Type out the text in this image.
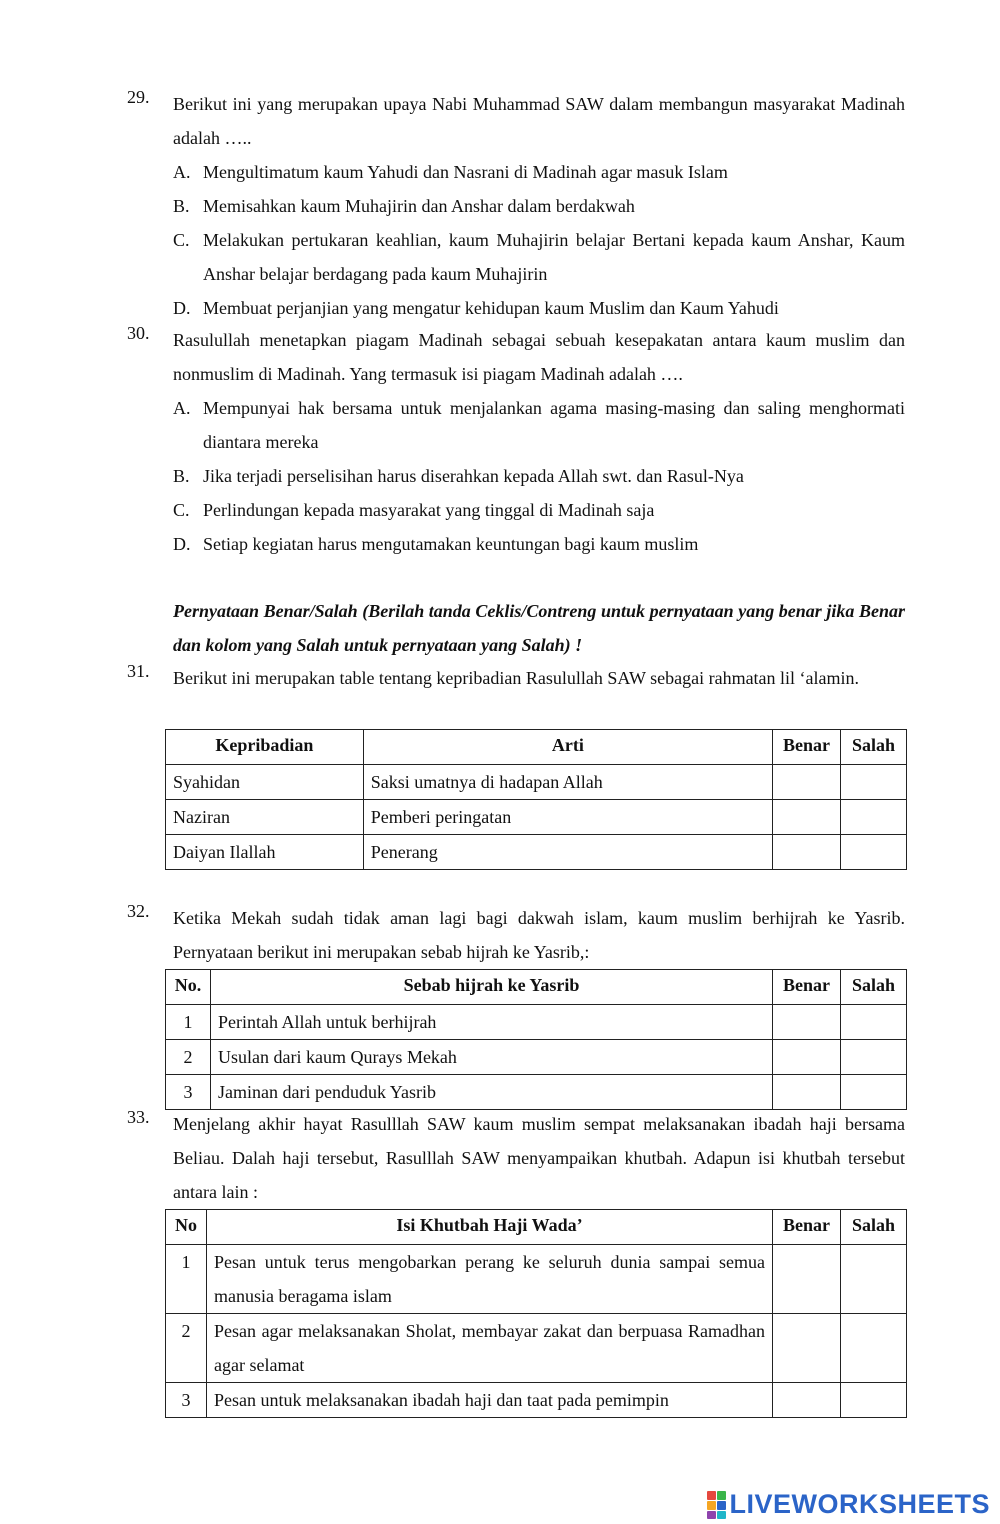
29.	Berikut ini yang merupakan upaya Nabi Muhammad SAW dalam membangun masyarakat Madinah adalah …..

A. Mengultimatum kaum Yahudi dan Nasrani di Madinah agar masuk Islam
B. Memisahkan kaum Muhajirin dan Anshar dalam berdakwah
C. Melakukan pertukaran keahlian, kaum Muhajirin belajar Bertani kepada kaum Anshar, Kaum Anshar belajar berdagang pada kaum Muhajirin
D. Membuat perjanjian yang mengatur kehidupan kaum Muslim dan Kaum Yahudi
30.	Rasulullah menetapkan piagam Madinah sebagai sebuah kesepakatan antara kaum muslim dan nonmuslim di Madinah. Yang termasuk isi piagam Madinah adalah ….

A. Mempunyai hak bersama untuk menjalankan agama masing-masing dan saling menghormati diantara mereka
B. Jika terjadi perselisihan harus diserahkan kepada Allah swt. dan Rasul-Nya
C. Perlindungan kepada masyarakat yang tinggal di Madinah saja
D. Setiap kegiatan harus mengutamakan keuntungan bagi kaum muslim
Pernyataan Benar/Salah (Berilah tanda Ceklis/Contreng untuk pernyataan yang benar jika Benar dan kolom yang Salah untuk pernyataan yang Salah) !
31.	Berikut ini merupakan table tentang kepribadian Rasulullah SAW sebagai rahmatan lil ‘alamin.

Kepribadian	Arti	Benar	Salah
Syahidan	Saksi umatnya di hadapan Allah		
Naziran	Pemberi peringatan		
Daiyan Ilallah	Penerang		
32.	Ketika Mekah sudah tidak aman lagi bagi dakwah islam, kaum muslim berhijrah ke Yasrib. Pernyataan berikut ini merupakan sebab hijrah ke Yasrib,:

No.	Sebab hijrah ke Yasrib	Benar	Salah
1	Perintah Allah untuk berhijrah		
2	Usulan dari kaum Qurays Mekah		
3	Jaminan dari penduduk Yasrib		
33.	Menjelang akhir hayat Rasulllah SAW kaum muslim sempat melaksanakan ibadah haji bersama Beliau. Dalah haji tersebut, Rasulllah SAW menyampaikan khutbah. Adapun isi khutbah tersebut antara lain :

No	Isi Khutbah Haji Wada’	Benar	Salah
1	Pesan untuk terus mengobarkan perang ke seluruh dunia sampai semua manusia beragama islam		
2	Pesan agar melaksanakan Sholat, membayar zakat dan berpuasa Ramadhan agar selamat		
3	Pesan untuk melaksanakan ibadah haji dan taat pada pemimpin		
LIVEWORKSHEETS
